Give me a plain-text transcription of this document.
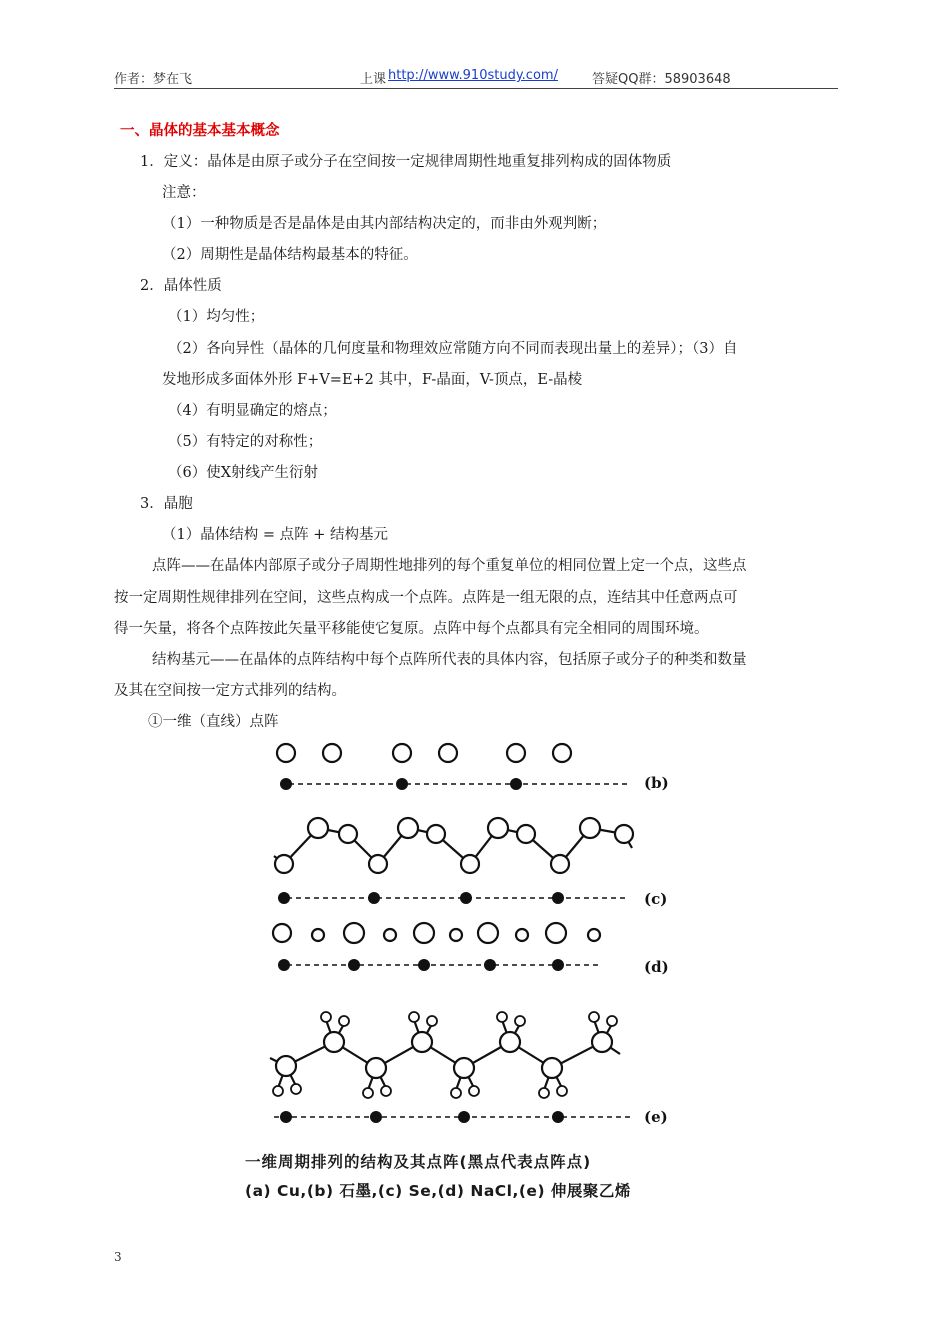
作者：梦在飞	上课 http://www.910study.com/	答疑QQ群：58903648
一、晶体的基本基本概念
1．定义：晶体是由原子或分子在空间按一定规律周期性地重复排列构成的固体物质
注意：
（1）一种物质是否是晶体是由其内部结构决定的，而非由外观判断；
（2）周期性是晶体结构最基本的特征。
2．晶体性质
（1）均匀性；
（2）各向异性（晶体的几何度量和物理效应常随方向不同而表现出量上的差异）；（3）自
发地形成多面体外形 F+V=E+2 其中，F-晶面，V-顶点，E-晶棱
（4）有明显确定的熔点；
（5）有特定的对称性；
（6）使X射线产生衍射
3．晶胞
（1）晶体结构 = 点阵 + 结构基元
点阵——在晶体内部原子或分子周期性地排列的每个重复单位的相同位置上定一个点，这些点
按一定周期性规律排列在空间，这些点构成一个点阵。点阵是一组无限的点，连结其中任意两点可
得一矢量，将各个点阵按此矢量平移能使它复原。点阵中每个点都具有完全相同的周围环境。
结构基元——在晶体的点阵结构中每个点阵所代表的具体内容，包括原子或分子的种类和数量
及其在空间按一定方式排列的结构。
①一维（直线）点阵
(b)
(c)
(d)
(e)
一维周期排列的结构及其点阵(黑点代表点阵点)
(a) Cu,(b) 石墨,(c) Se,(d) NaCl,(e) 伸展聚乙烯
3
